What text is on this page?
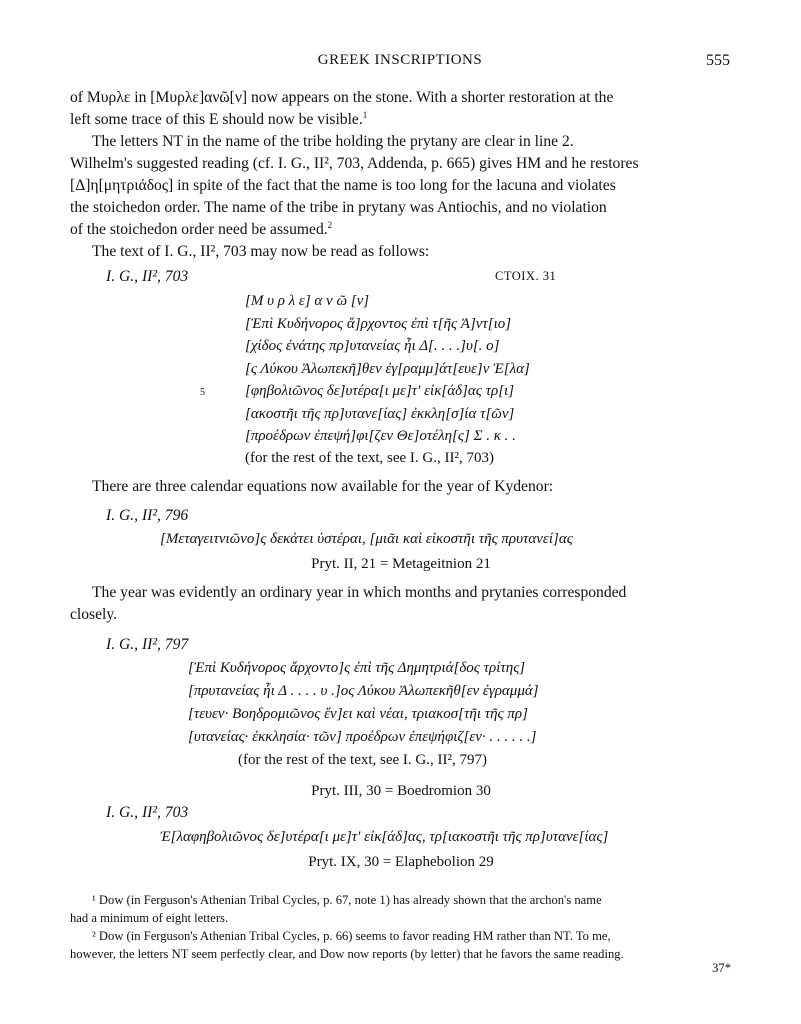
GREEK INSCRIPTIONS	555
of Μυρλε in [Μυρλε]ανῶ[ν] now appears on the stone. With a shorter restoration at the
left some trace of this E should now be visible.$^1$
The letters NT in the name of the tribe holding the prytany are clear in line 2.
Wilhelm's suggested reading (cf. I. G., II², 703, Addenda, p. 665) gives HM and he restores
[Δ]η[μητριάδος] in spite of the fact that the name is too long for the lacuna and violates
the stoichedon order. The name of the tribe in prytany was Antiochis, and no violation
of the stoichedon order need be assumed.$^2$
The text of I. G., II², 703 may now be read as follows:
I. G., II², 703	CTOIX. 31
[Μ υ ρ λ ε] α ν ῶ [ν]
[Ἐπὶ Κυδήνορος ἄ]ρχοντος ἐπὶ τ[ῆς Ἀ]ντ[ιο]
[χίδος ἐνάτης πρ]υτανείας ἧι Δ[. . . .]υ[. ο]
[ς Λύκου Ἀλωπεκῆ]θεν ἐγ[ραμμ]άτ[ευε]ν Ἐ[λα]
5	[φηβολιῶνος δε]υτέρα[ι με]τ' εἰκ[άδ]ας τρ[ι]
[ακοστῆι τῆς πρ]υτανε[ίας] ἐκκλη[σ]ία τ[ῶν]
[προέδρων ἐπεψή]φι[ζεν Θε]οτέλη[ς] Σ . κ . .
(for the rest of the text, see I. G., II², 703)
There are three calendar equations now available for the year of Kydenor:
I. G., II², 796
[Μεταγειτνιῶνο]ς δεκάτει ὑστέραι, [μιᾶι καὶ εἰκοστῆι τῆς πρυτανεί]ας
Pryt. II, 21 = Metageitnion 21
The year was evidently an ordinary year in which months and prytanies corresponded
closely.
I. G., II², 797
[Ἐπὶ Κυδήνορος ἄρχοντο]ς ἐπὶ τῆς Δημητριά[δος τρίτης]
[πρυτανείας ἧι Δ . . . . υ .]ος Λύκου Ἀλωπεκῆθ[εν ἐγραμμά]
[τευεν· Βοηδρομιῶνος ἕν]ει καὶ νέαι, τριακοσ[τῆι τῆς πρ]
[υτανείας· ἐκκλησία· τῶν] προέδρων ἐπεψήφιζ[εν· . . . . . .]
(for the rest of the text, see I. G., II², 797)
Pryt. III, 30 = Boedromion 30
I. G., II², 703
Ἐ[λαφηβολιῶνος δε]υτέρα[ι με]τ' εἰκ[άδ]ας, τρ[ιακοστῆι τῆς πρ]υτανε[ίας]
Pryt. IX, 30 = Elaphebolion 29
¹ Dow (in Ferguson's Athenian Tribal Cycles, p. 67, note 1) has already shown that the archon's name
had a minimum of eight letters.
² Dow (in Ferguson's Athenian Tribal Cycles, p. 66) seems to favor reading HM rather than NT. To me,
however, the letters NT seem perfectly clear, and Dow now reports (by letter) that he favors the same reading.
37*
